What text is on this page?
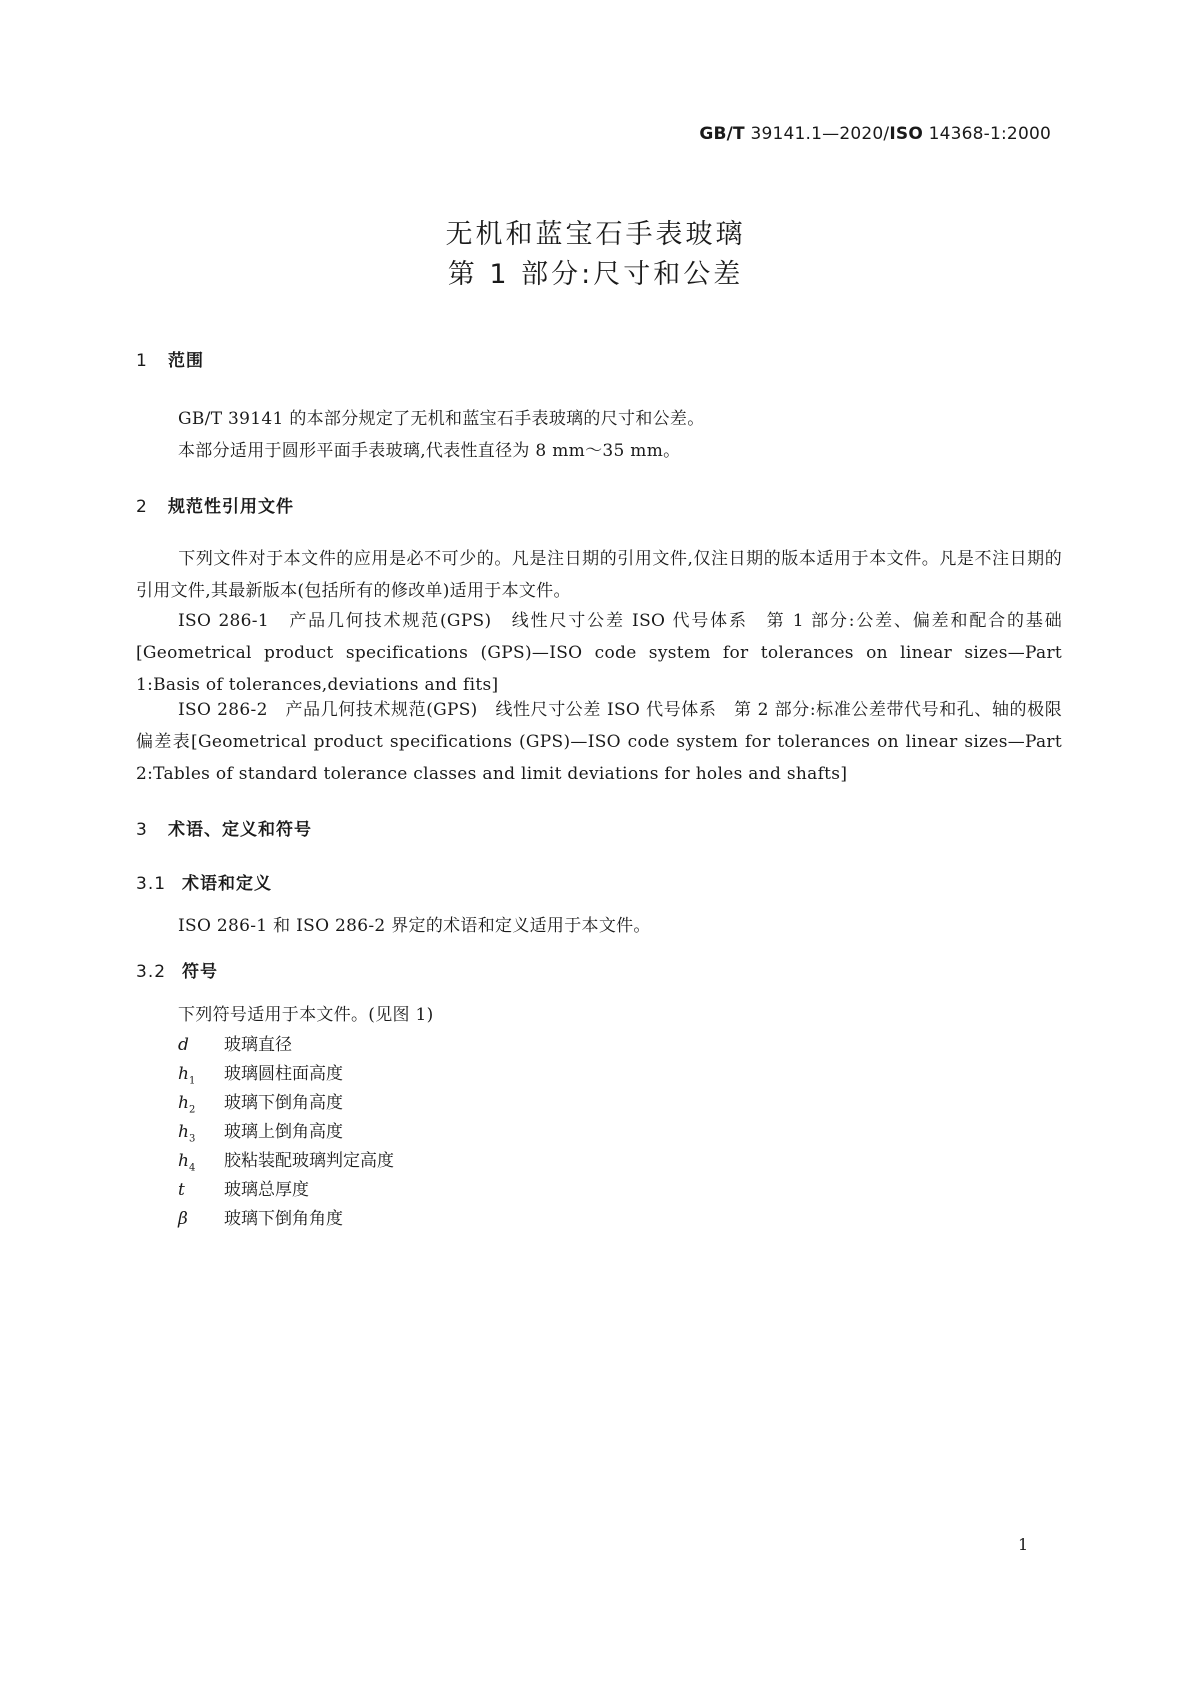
GB/T 39141.1—2020/ISO 14368-1:2000
无机和蓝宝石手表玻璃
第 1 部分:尺寸和公差
1 范围
GB/T 39141 的本部分规定了无机和蓝宝石手表玻璃的尺寸和公差。
本部分适用于圆形平面手表玻璃,代表性直径为 8 mm～35 mm。
2 规范性引用文件
下列文件对于本文件的应用是必不可少的。凡是注日期的引用文件,仅注日期的版本适用于本文件。凡是不注日期的引用文件,其最新版本(包括所有的修改单)适用于本文件。
ISO 286-1　产品几何技术规范(GPS)　线性尺寸公差 ISO 代号体系　第 1 部分:公差、偏差和配合的基础[Geometrical product specifications (GPS)—ISO code system for tolerances on linear sizes—Part 1:Basis of tolerances,deviations and fits]
ISO 286-2　产品几何技术规范(GPS)　线性尺寸公差 ISO 代号体系　第 2 部分:标准公差带代号和孔、轴的极限偏差表[Geometrical product specifications (GPS)—ISO code system for tolerances on linear sizes—Part 2:Tables of standard tolerance classes and limit deviations for holes and shafts]
3 术语、定义和符号
3.1 术语和定义
ISO 286-1 和 ISO 286-2 界定的术语和定义适用于本文件。
3.2 符号
下列符号适用于本文件。(见图 1)
d 玻璃直径
$h_1$ 玻璃圆柱面高度
$h_2$ 玻璃下倒角高度
$h_3$ 玻璃上倒角高度
$h_4$ 胶粘装配玻璃判定高度
t 玻璃总厚度
β 玻璃下倒角角度
1
